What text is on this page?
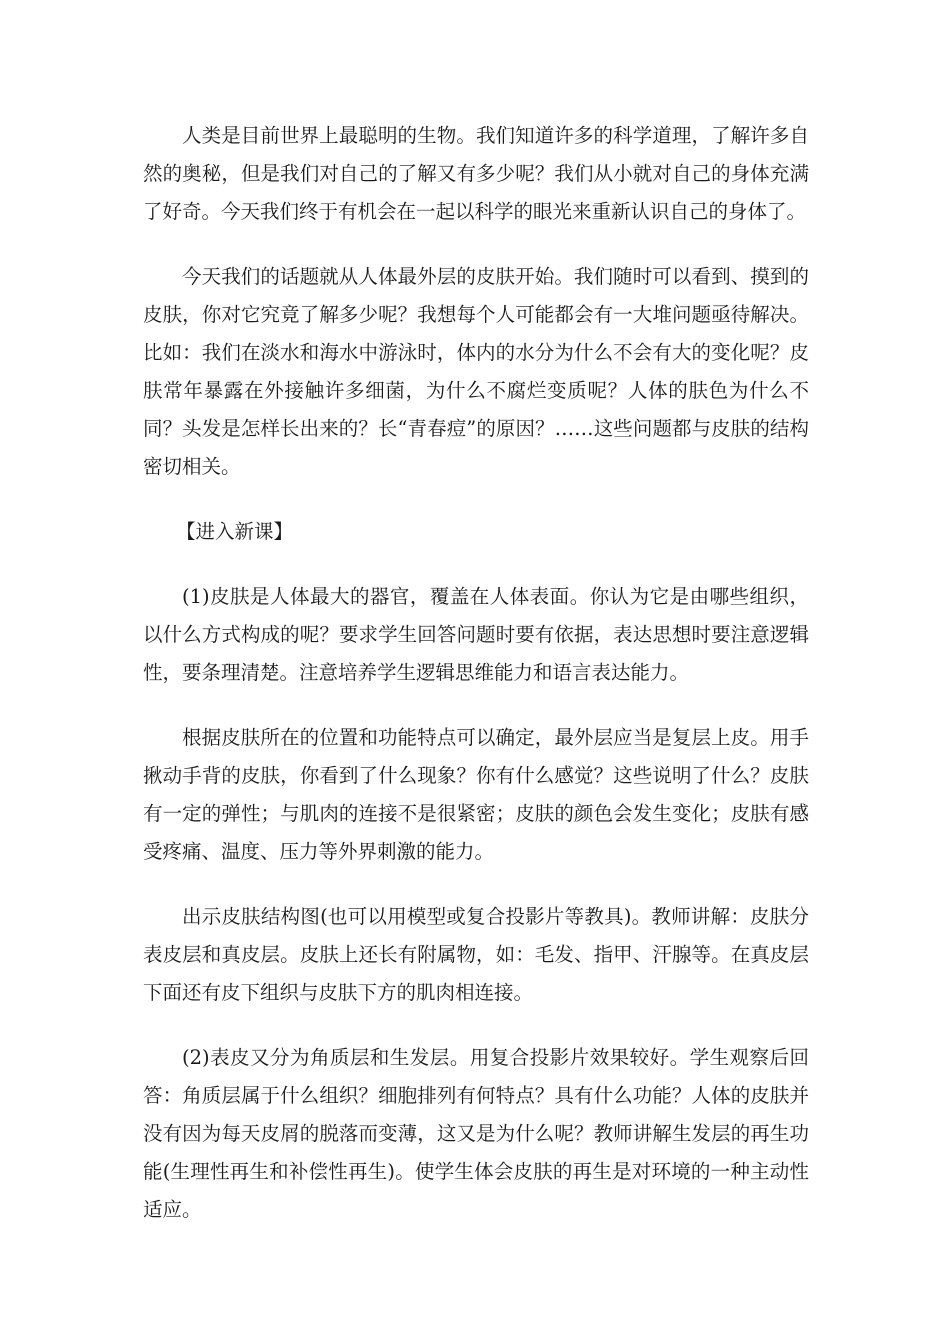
人类是目前世界上最聪明的生物。我们知道许多的科学道理，了解许多自然的奥秘，但是我们对自己的了解又有多少呢？我们从小就对自己的身体充满了好奇。今天我们终于有机会在一起以科学的眼光来重新认识自己的身体了。

今天我们的话题就从人体最外层的皮肤开始。我们随时可以看到、摸到的皮肤，你对它究竟了解多少呢？我想每个人可能都会有一大堆问题亟待解决。比如：我们在淡水和海水中游泳时，体内的水分为什么不会有大的变化呢？皮肤常年暴露在外接触许多细菌，为什么不腐烂变质呢？人体的肤色为什么不同？头发是怎样长出来的？长“青春痘”的原因？……这些问题都与皮肤的结构密切相关。

【进入新课】

(1)皮肤是人体最大的器官，覆盖在人体表面。你认为它是由哪些组织，以什么方式构成的呢？要求学生回答问题时要有依据，表达思想时要注意逻辑性，要条理清楚。注意培养学生逻辑思维能力和语言表达能力。

根据皮肤所在的位置和功能特点可以确定，最外层应当是复层上皮。用手揪动手背的皮肤，你看到了什么现象？你有什么感觉？这些说明了什么？皮肤有一定的弹性；与肌肉的连接不是很紧密；皮肤的颜色会发生变化；皮肤有感受疼痛、温度、压力等外界刺激的能力。

出示皮肤结构图(也可以用模型或复合投影片等教具)。教师讲解：皮肤分表皮层和真皮层。皮肤上还长有附属物，如：毛发、指甲、汗腺等。在真皮层下面还有皮下组织与皮肤下方的肌肉相连接。

(2)表皮又分为角质层和生发层。用复合投影片效果较好。学生观察后回答：角质层属于什么组织？细胞排列有何特点？具有什么功能？人体的皮肤并没有因为每天皮屑的脱落而变薄，这又是为什么呢？教师讲解生发层的再生功能(生理性再生和补偿性再生)。使学生体会皮肤的再生是对环境的一种主动性适应。
